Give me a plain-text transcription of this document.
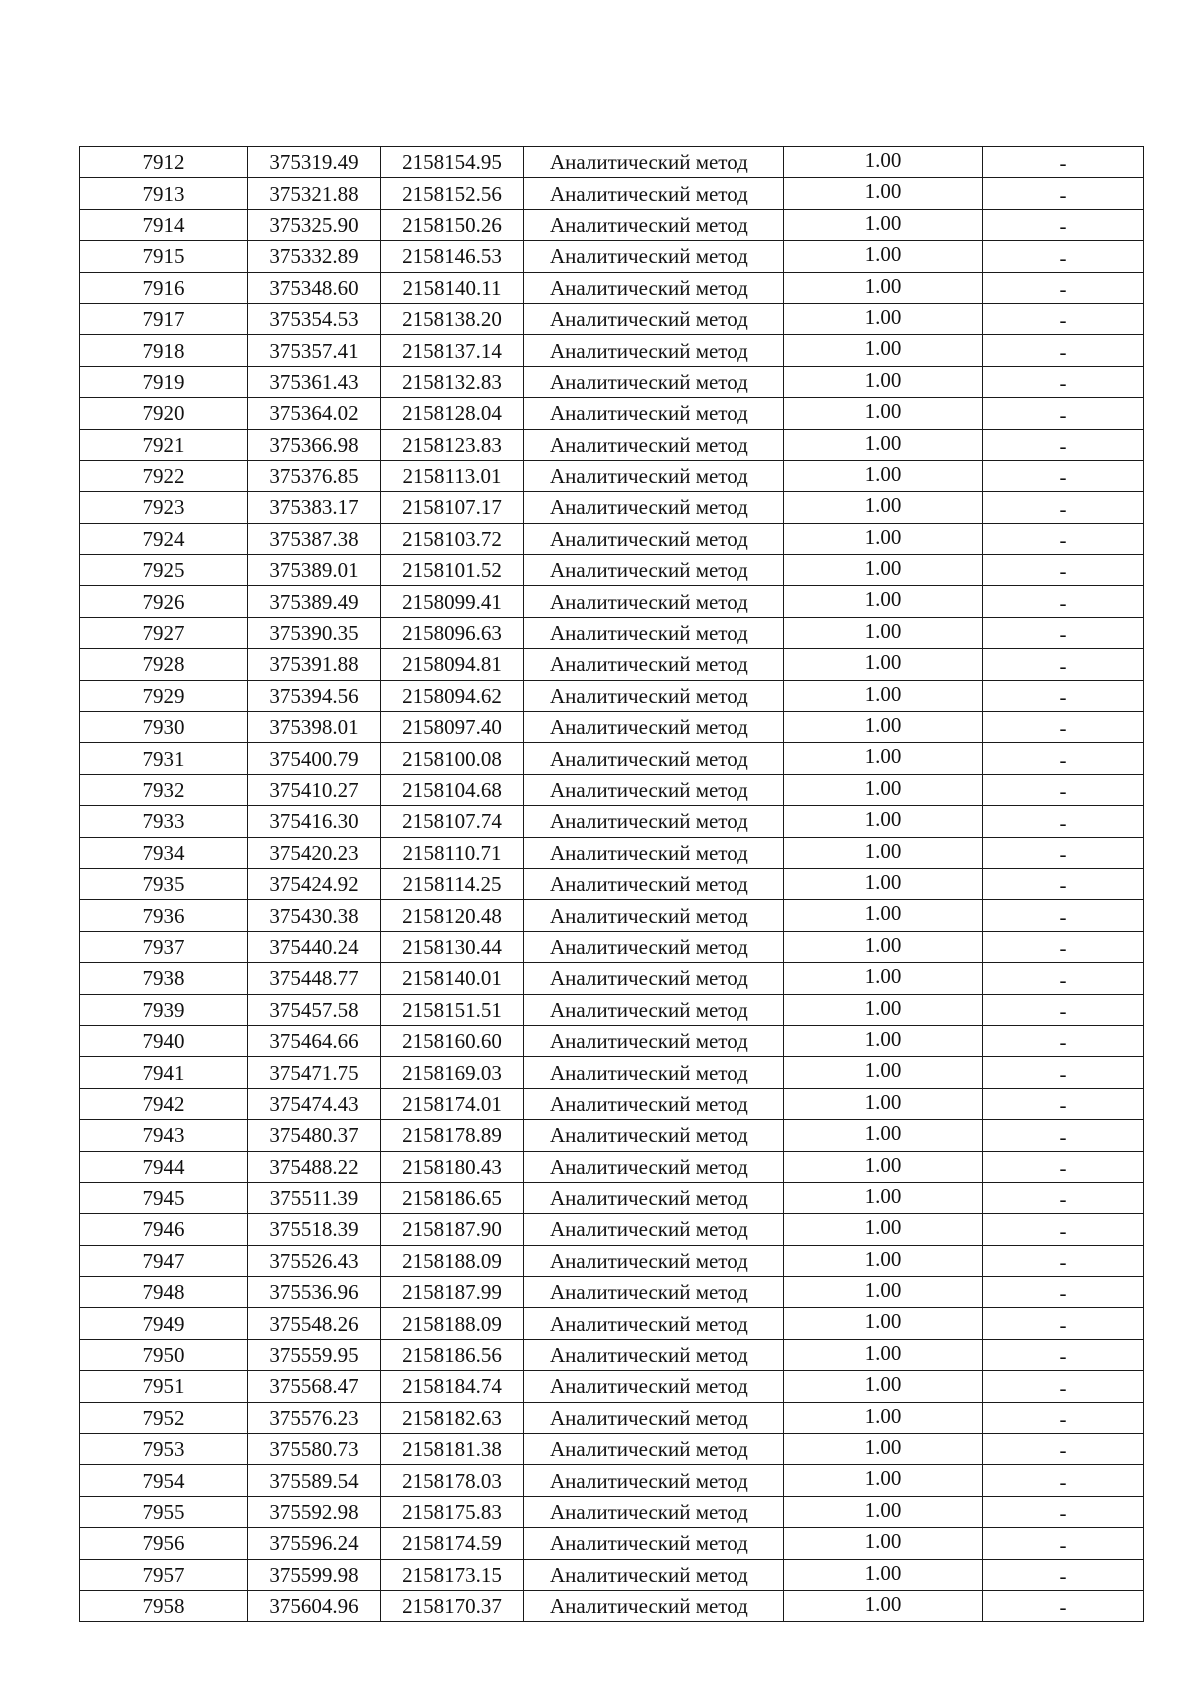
7912	375319.49	2158154.95	Аналитический метод	1.00	-
7913	375321.88	2158152.56	Аналитический метод	1.00	-
7914	375325.90	2158150.26	Аналитический метод	1.00	-
7915	375332.89	2158146.53	Аналитический метод	1.00	-
7916	375348.60	2158140.11	Аналитический метод	1.00	-
7917	375354.53	2158138.20	Аналитический метод	1.00	-
7918	375357.41	2158137.14	Аналитический метод	1.00	-
7919	375361.43	2158132.83	Аналитический метод	1.00	-
7920	375364.02	2158128.04	Аналитический метод	1.00	-
7921	375366.98	2158123.83	Аналитический метод	1.00	-
7922	375376.85	2158113.01	Аналитический метод	1.00	-
7923	375383.17	2158107.17	Аналитический метод	1.00	-
7924	375387.38	2158103.72	Аналитический метод	1.00	-
7925	375389.01	2158101.52	Аналитический метод	1.00	-
7926	375389.49	2158099.41	Аналитический метод	1.00	-
7927	375390.35	2158096.63	Аналитический метод	1.00	-
7928	375391.88	2158094.81	Аналитический метод	1.00	-
7929	375394.56	2158094.62	Аналитический метод	1.00	-
7930	375398.01	2158097.40	Аналитический метод	1.00	-
7931	375400.79	2158100.08	Аналитический метод	1.00	-
7932	375410.27	2158104.68	Аналитический метод	1.00	-
7933	375416.30	2158107.74	Аналитический метод	1.00	-
7934	375420.23	2158110.71	Аналитический метод	1.00	-
7935	375424.92	2158114.25	Аналитический метод	1.00	-
7936	375430.38	2158120.48	Аналитический метод	1.00	-
7937	375440.24	2158130.44	Аналитический метод	1.00	-
7938	375448.77	2158140.01	Аналитический метод	1.00	-
7939	375457.58	2158151.51	Аналитический метод	1.00	-
7940	375464.66	2158160.60	Аналитический метод	1.00	-
7941	375471.75	2158169.03	Аналитический метод	1.00	-
7942	375474.43	2158174.01	Аналитический метод	1.00	-
7943	375480.37	2158178.89	Аналитический метод	1.00	-
7944	375488.22	2158180.43	Аналитический метод	1.00	-
7945	375511.39	2158186.65	Аналитический метод	1.00	-
7946	375518.39	2158187.90	Аналитический метод	1.00	-
7947	375526.43	2158188.09	Аналитический метод	1.00	-
7948	375536.96	2158187.99	Аналитический метод	1.00	-
7949	375548.26	2158188.09	Аналитический метод	1.00	-
7950	375559.95	2158186.56	Аналитический метод	1.00	-
7951	375568.47	2158184.74	Аналитический метод	1.00	-
7952	375576.23	2158182.63	Аналитический метод	1.00	-
7953	375580.73	2158181.38	Аналитический метод	1.00	-
7954	375589.54	2158178.03	Аналитический метод	1.00	-
7955	375592.98	2158175.83	Аналитический метод	1.00	-
7956	375596.24	2158174.59	Аналитический метод	1.00	-
7957	375599.98	2158173.15	Аналитический метод	1.00	-
7958	375604.96	2158170.37	Аналитический метод	1.00	-
